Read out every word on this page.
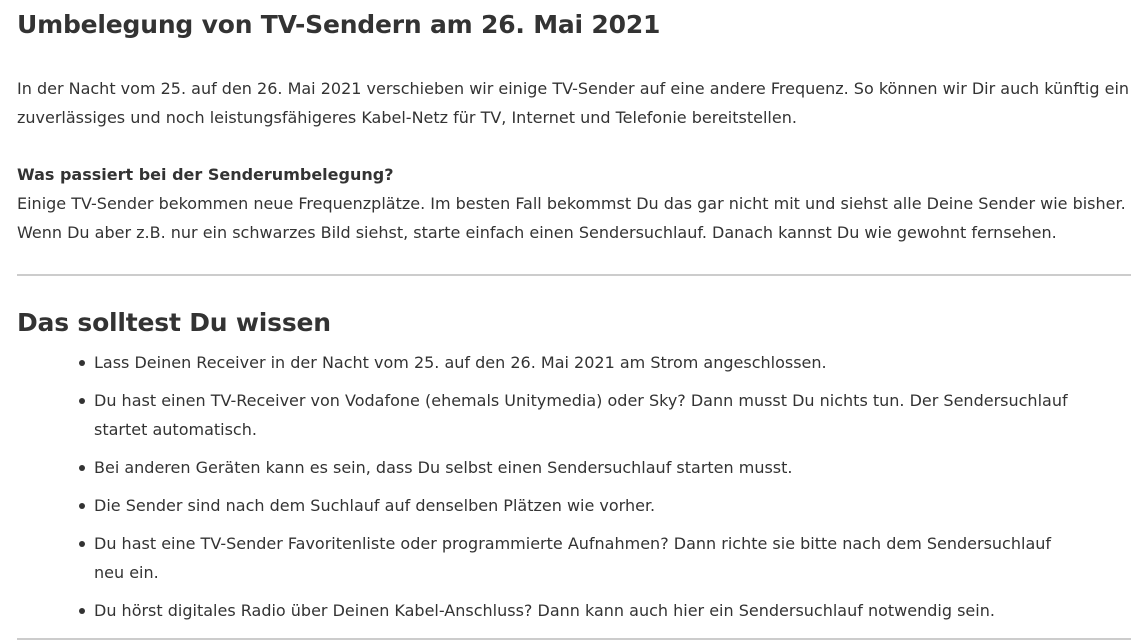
Umbelegung von TV-Sendern am 26. Mai 2021

In der Nacht vom 25. auf den 26. Mai 2021 verschieben wir einige TV-Sender auf eine andere Frequenz. So können wir Dir auch künftig ein
zuverlässiges und noch leistungsfähigeres Kabel-Netz für TV, Internet und Telefonie bereitstellen.

Was passiert bei der Senderumbelegung?
Einige TV-Sender bekommen neue Frequenzplätze. Im besten Fall bekommst Du das gar nicht mit und siehst alle Deine Sender wie bisher.
Wenn Du aber z.B. nur ein schwarzes Bild siehst, starte einfach einen Sendersuchlauf. Danach kannst Du wie gewohnt fernsehen.
Das solltest Du wissen
Lass Deinen Receiver in der Nacht vom 25. auf den 26. Mai 2021 am Strom angeschlossen.
Du hast einen TV-Receiver von Vodafone (ehemals Unitymedia) oder Sky? Dann musst Du nichts tun. Der Sendersuchlauf startet automatisch.
Bei anderen Geräten kann es sein, dass Du selbst einen Sendersuchlauf starten musst.
Die Sender sind nach dem Suchlauf auf denselben Plätzen wie vorher.
Du hast eine TV-Sender Favoritenliste oder programmierte Aufnahmen? Dann richte sie bitte nach dem Sendersuchlauf neu ein.
Du hörst digitales Radio über Deinen Kabel-Anschluss? Dann kann auch hier ein Sendersuchlauf notwendig sein.
